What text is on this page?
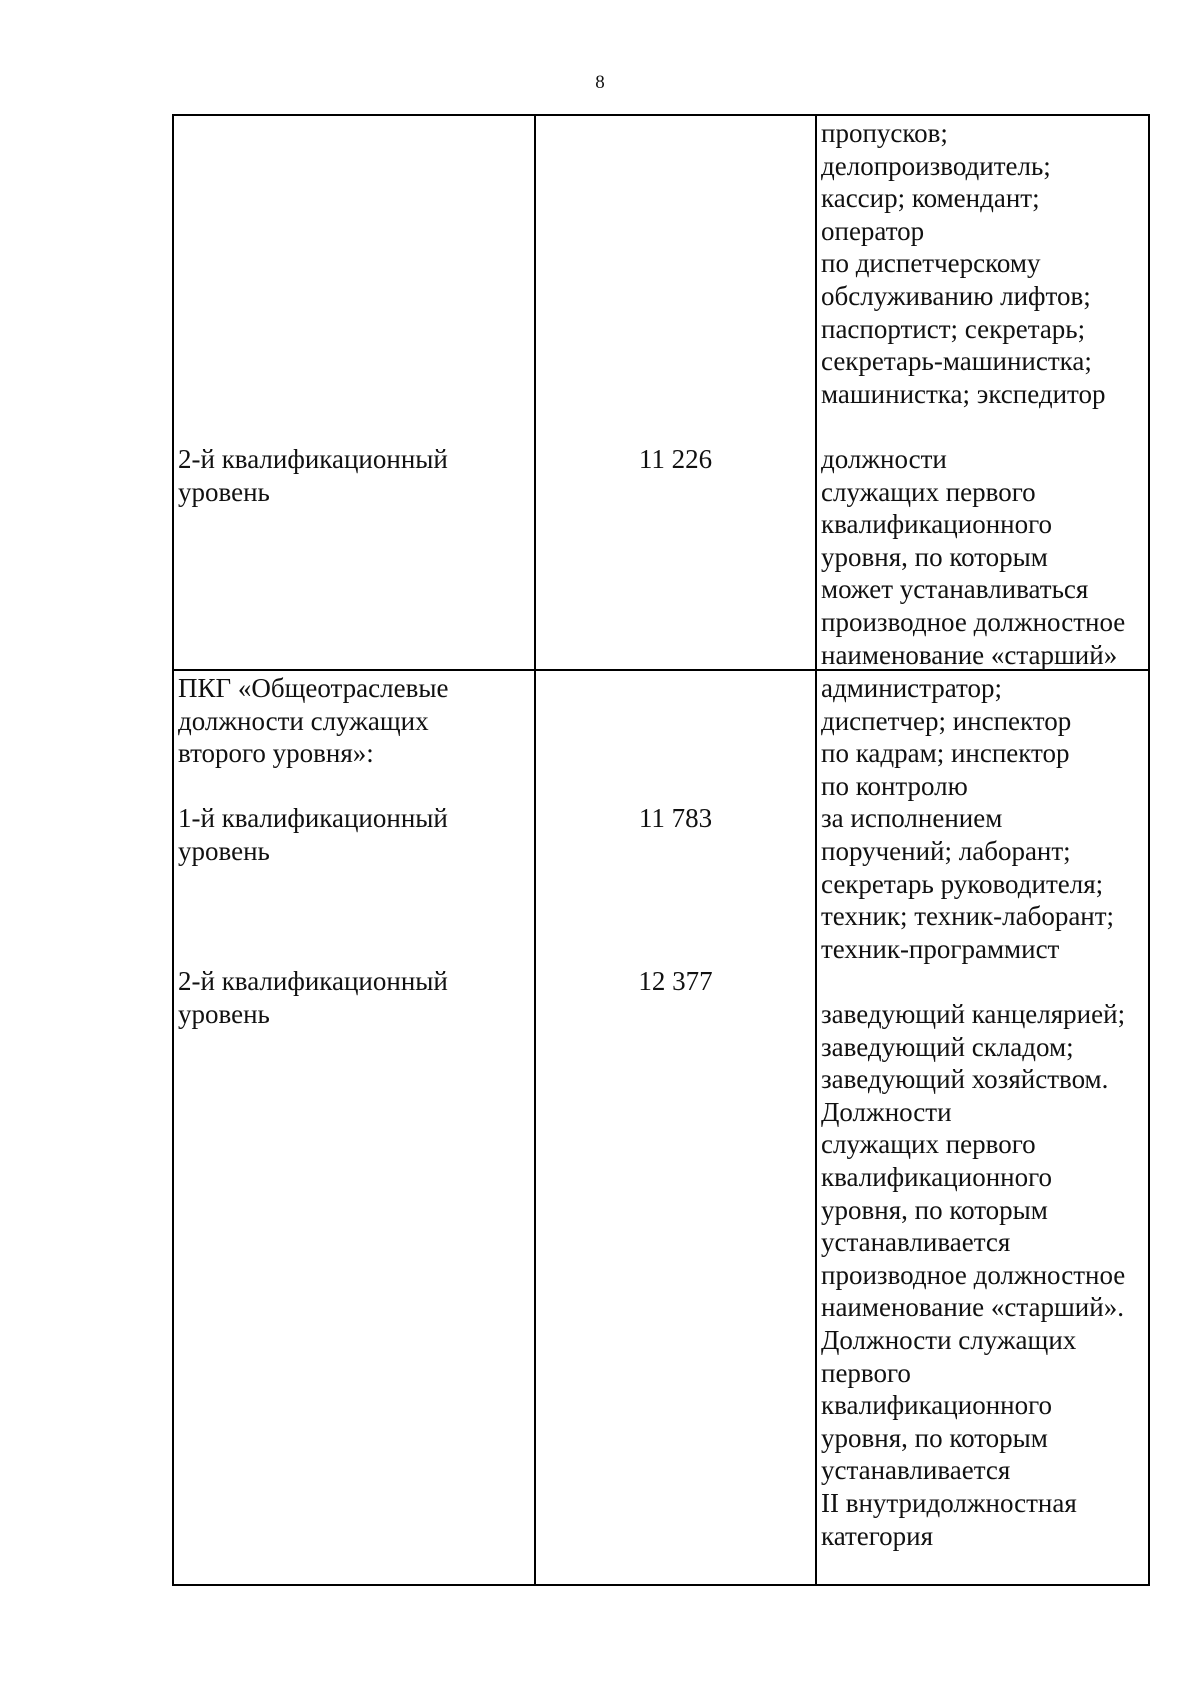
8
2-й квалификационный
уровень
11 226
пропусков;
делопроизводитель;
кассир; комендант;
оператор
по диспетчерскому
обслуживанию лифтов;
паспортист; секретарь;
секретарь-машинистка;
машинистка; экспедитор
должности
служащих первого
квалификационного
уровня, по которым
может устанавливаться
производное должностное
наименование «старший»
ПКГ «Общеотраслевые
должности служащих
второго уровня»:
1-й квалификационный
уровень
2-й квалификационный
уровень
11 783
12 377
администратор;
диспетчер; инспектор
по кадрам; инспектор
по контролю
за исполнением
поручений; лаборант;
секретарь руководителя;
техник; техник-лаборант;
техник-программист
заведующий канцелярией;
заведующий складом;
заведующий хозяйством.
Должности
служащих первого
квалификационного
уровня, по которым
устанавливается
производное должностное
наименование «старший».
Должности служащих
первого
квалификационного
уровня, по которым
устанавливается
II внутридолжностная
категория
